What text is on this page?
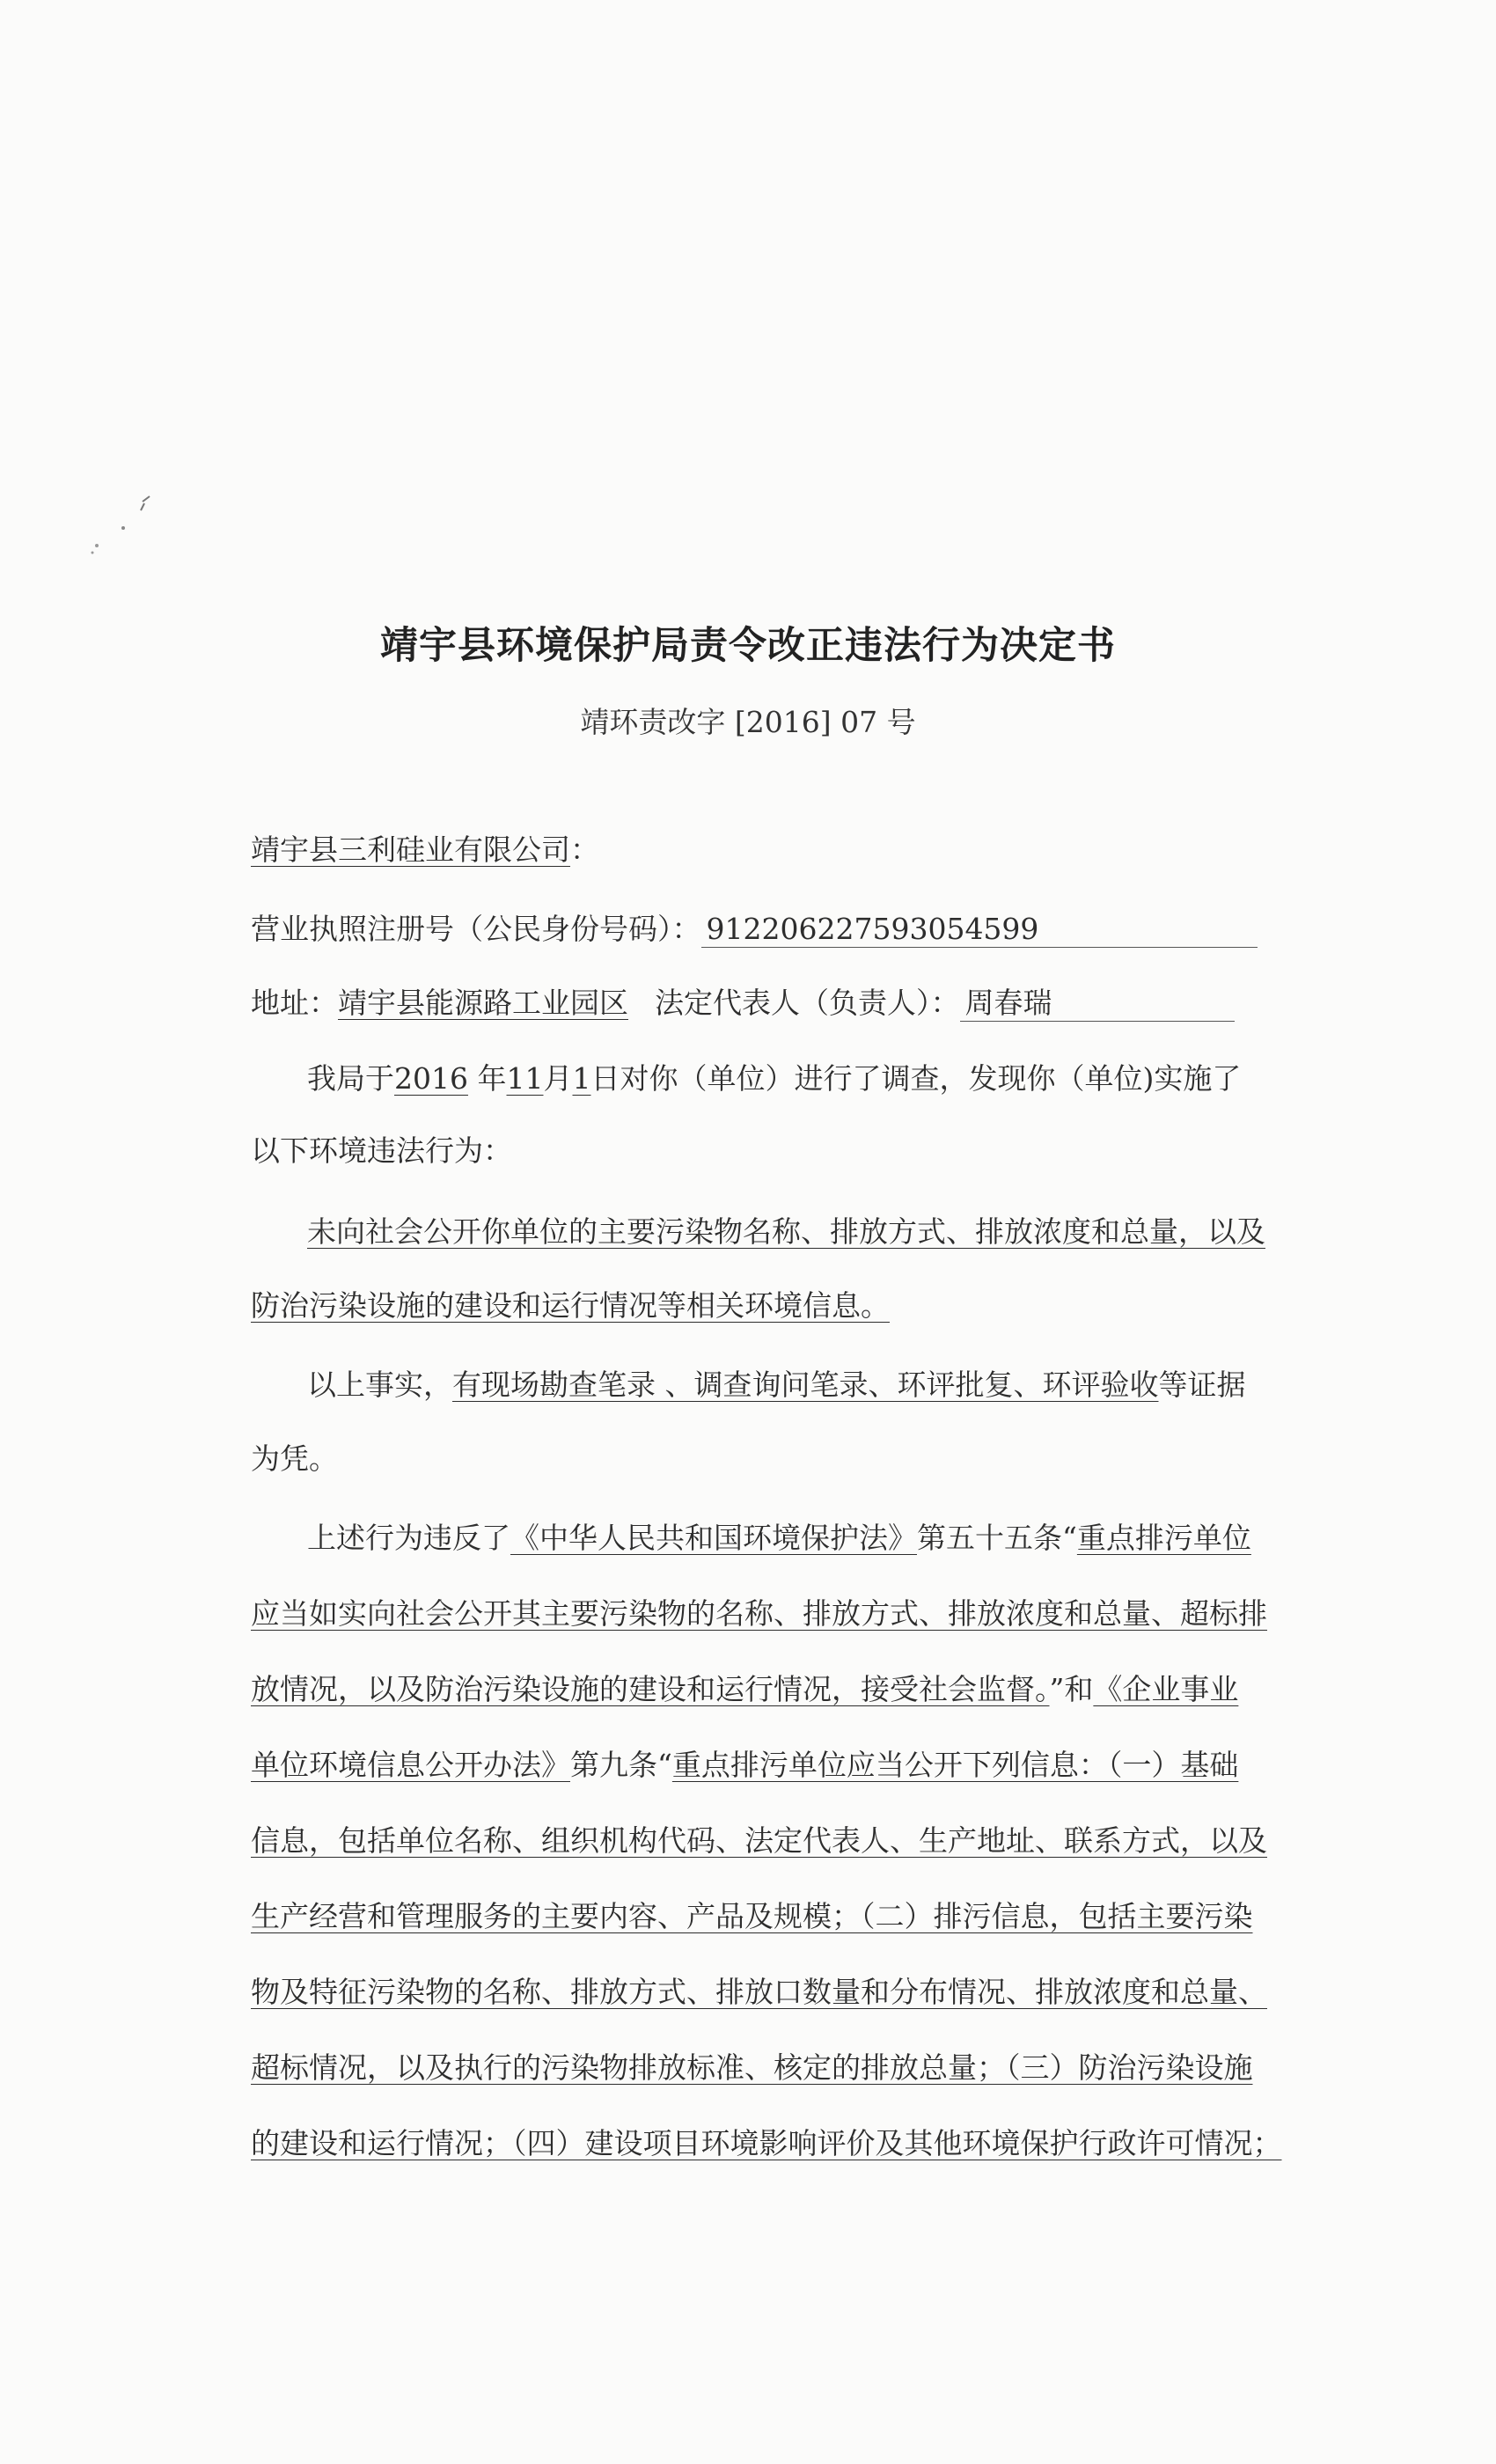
靖宇县环境保护局责令改正违法行为决定书
靖环责改字 [2016] 07 号
靖宇县三利硅业有限公司：
营业执照注册号（公民身份号码）： 912206227593054599
地址：靖宇县能源路工业园区 法定代表人（负责人）： 周春瑞
我局于2016 年11月1日对你（单位）进行了调查，发现你（单位)实施了
以下环境违法行为：
未向社会公开你单位的主要污染物名称、排放方式、排放浓度和总量，以及
防治污染设施的建设和运行情况等相关环境信息。
以上事实，有现场勘查笔录 、调查询问笔录、环评批复、环评验收等证据
为凭。
上述行为违反了《中华人民共和国环境保护法》第五十五条“重点排污单位
应当如实向社会公开其主要污染物的名称、排放方式、排放浓度和总量、超标排
放情况，以及防治污染设施的建设和运行情况，接受社会监督。”和《企业事业
单位环境信息公开办法》第九条“重点排污单位应当公开下列信息：（一）基础
信息，包括单位名称、组织机构代码、法定代表人、生产地址、联系方式，以及
生产经营和管理服务的主要内容、产品及规模；（二）排污信息，包括主要污染
物及特征污染物的名称、排放方式、排放口数量和分布情况、排放浓度和总量、
超标情况，以及执行的污染物排放标准、核定的排放总量；（三）防治污染设施
的建设和运行情况；（四）建设项目环境影响评价及其他环境保护行政许可情况；
